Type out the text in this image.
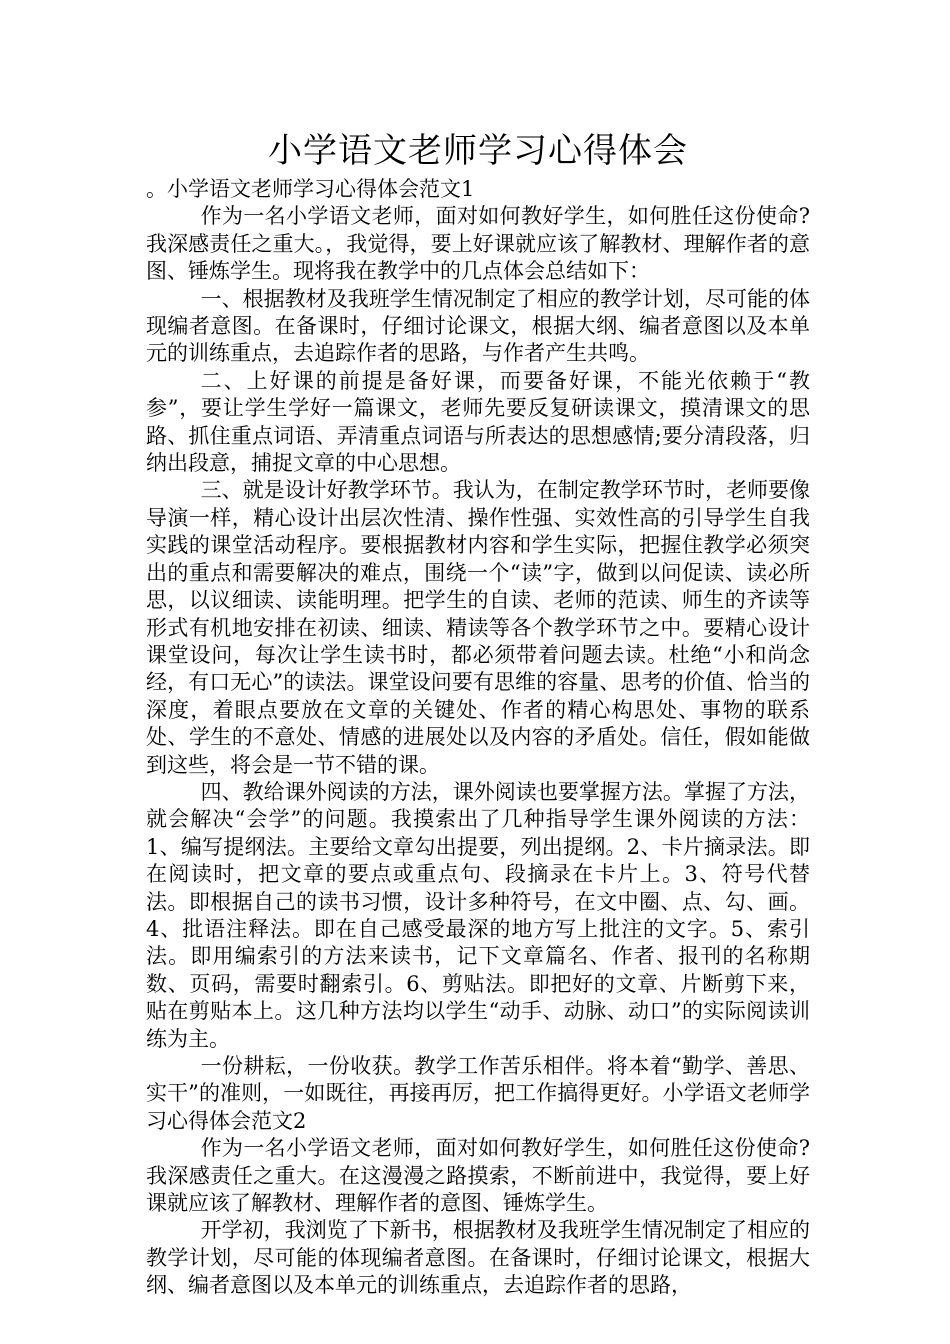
小学语文老师学习心得体会

。小学语文老师学习心得体会范文1

作为一名小学语文老师，面对如何教好学生，如何胜任这份使命?我深感责任之重大。，我觉得，要上好课就应该了解教材、理解作者的意图、锤炼学生。现将我在教学中的几点体会总结如下：

一、根据教材及我班学生情况制定了相应的教学计划，尽可能的体现编者意图。在备课时，仔细讨论课文，根据大纲、编者意图以及本单元的训练重点，去追踪作者的思路，与作者产生共鸣。

二、上好课的前提是备好课，而要备好课，不能光依赖于“教参”，要让学生学好一篇课文，老师先要反复研读课文，摸清课文的思路、抓住重点词语、弄清重点词语与所表达的思想感情;要分清段落，归纳出段意，捕捉文章的中心思想。

三、就是设计好教学环节。我认为，在制定教学环节时，老师要像导演一样，精心设计出层次性清、操作性强、实效性高的引导学生自我实践的课堂活动程序。要根据教材内容和学生实际，把握住教学必须突出的重点和需要解决的难点，围绕一个“读”字，做到以问促读、读必所思，以议细读、读能明理。把学生的自读、老师的范读、师生的齐读等形式有机地安排在初读、细读、精读等各个教学环节之中。要精心设计课堂设问，每次让学生读书时，都必须带着问题去读。杜绝“小和尚念经，有口无心”的读法。课堂设问要有思维的容量、思考的价值、恰当的深度，着眼点要放在文章的关键处、作者的精心构思处、事物的联系处、学生的不意处、情感的进展处以及内容的矛盾处。信任，假如能做到这些，将会是一节不错的课。

四、教给课外阅读的方法，课外阅读也要掌握方法。掌握了方法，就会解决“会学”的问题。我摸索出了几种指导学生课外阅读的方法：1、编写提纲法。主要给文章勾出提要，列出提纲。2、卡片摘录法。即在阅读时，把文章的要点或重点句、段摘录在卡片上。3、符号代替法。即根据自己的读书习惯，设计多种符号，在文中圈、点、勾、画。4、批语注释法。即在自己感受最深的地方写上批注的文字。5、索引法。即用编索引的方法来读书，记下文章篇名、作者、报刊的名称期数、页码，需要时翻索引。6、剪贴法。即把好的文章、片断剪下来，贴在剪贴本上。这几种方法均以学生“动手、动脉、动口”的实际阅读训练为主。

一份耕耘，一份收获。教学工作苦乐相伴。将本着“勤学、善思、实干”的准则，一如既往，再接再厉，把工作搞得更好。小学语文老师学习心得体会范文2

作为一名小学语文老师，面对如何教好学生，如何胜任这份使命?我深感责任之重大。在这漫漫之路摸索，不断前进中，我觉得，要上好课就应该了解教材、理解作者的意图、锤炼学生。

开学初，我浏览了下新书，根据教材及我班学生情况制定了相应的教学计划，尽可能的体现编者意图。在备课时，仔细讨论课文，根据大纲、编者意图以及本单元的训练重点，去追踪作者的思路，
